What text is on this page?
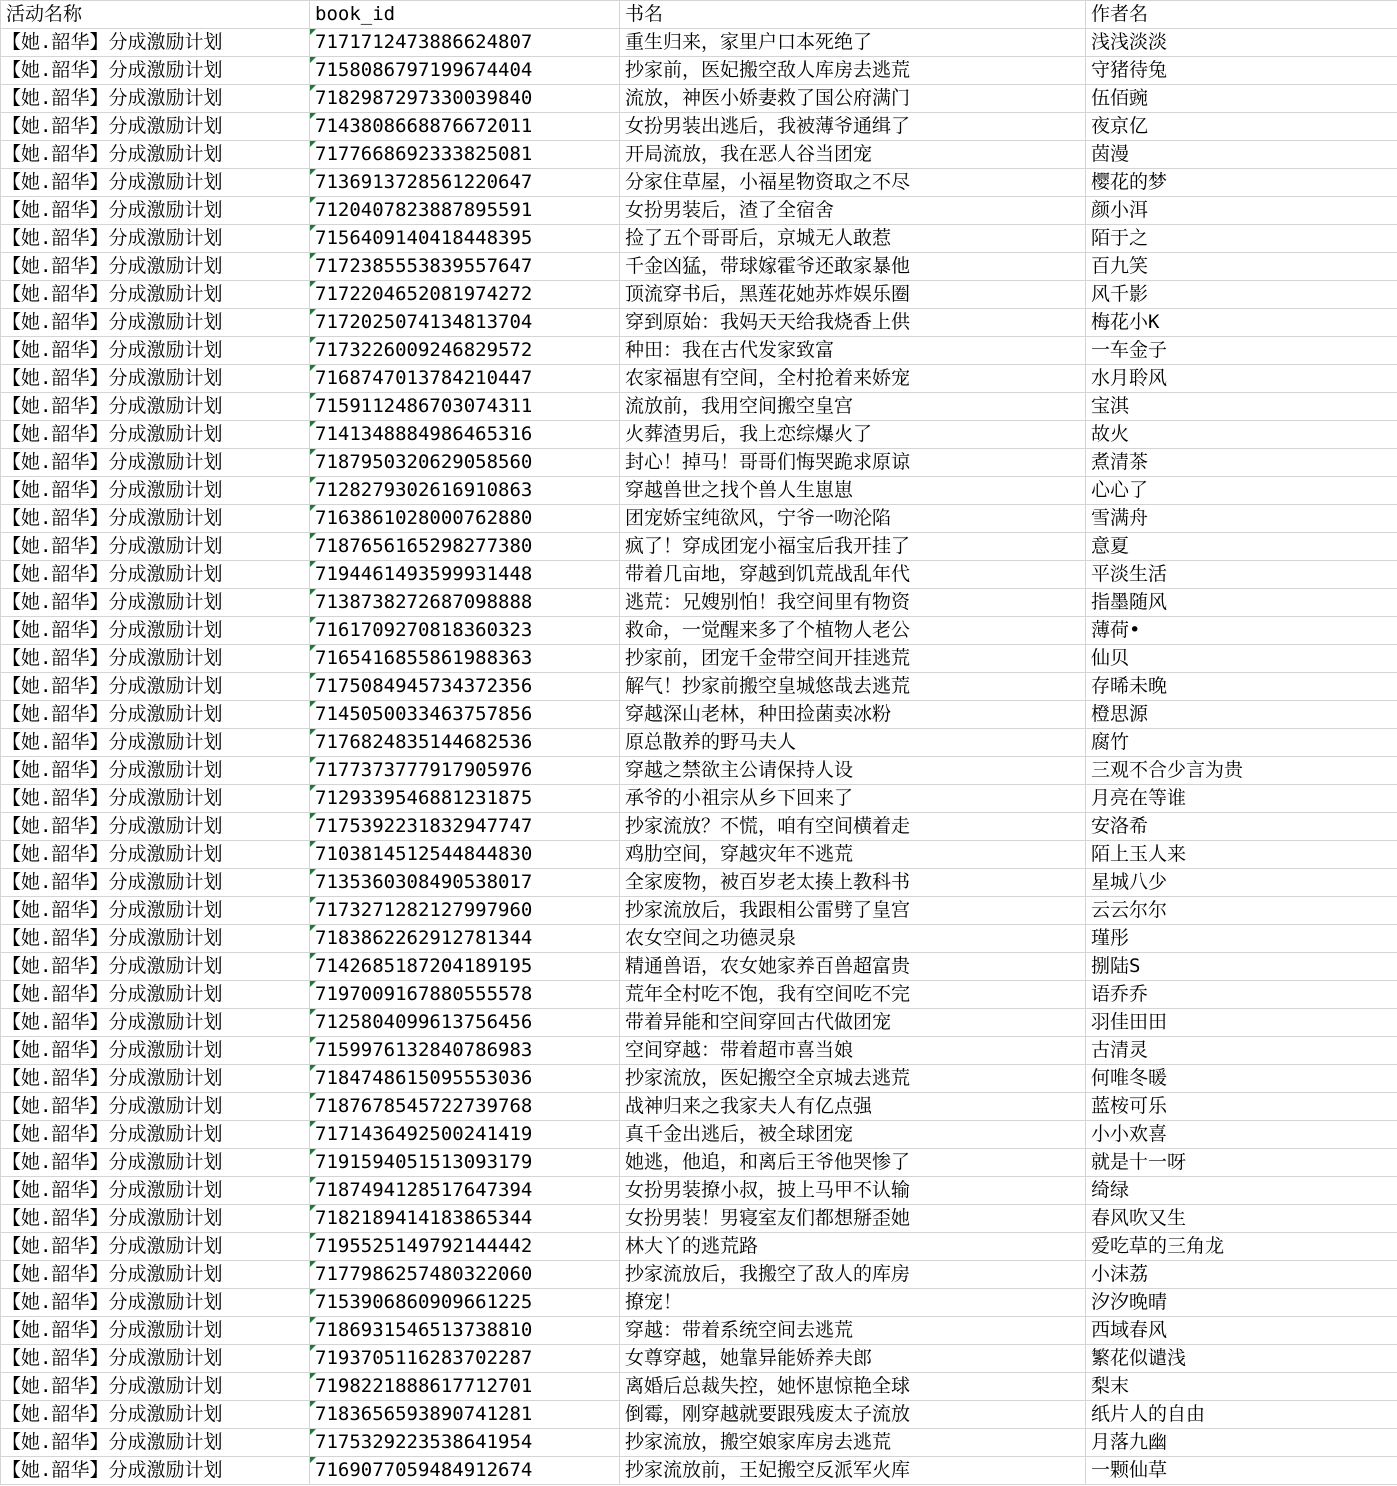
活动名称	book_id	书名	作者名
【她.韶华】分成激励计划	7171712473886624807	重生归来，家里户口本死绝了	浅浅淡淡
【她.韶华】分成激励计划	7158086797199674404	抄家前，医妃搬空敌人库房去逃荒	守猪待兔
【她.韶华】分成激励计划	7182987297330039840	流放，神医小娇妻救了国公府满门	伍佰豌
【她.韶华】分成激励计划	7143808668876672011	女扮男装出逃后，我被薄爷通缉了	夜京亿
【她.韶华】分成激励计划	7177668692333825081	开局流放，我在恶人谷当团宠	茵漫
【她.韶华】分成激励计划	7136913728561220647	分家住草屋，小福星物资取之不尽	樱花的梦
【她.韶华】分成激励计划	7120407823887895591	女扮男装后，渣了全宿舍	颜小洱
【她.韶华】分成激励计划	7156409140418448395	捡了五个哥哥后，京城无人敢惹	陌于之
【她.韶华】分成激励计划	7172385553839557647	千金凶猛，带球嫁霍爷还敢家暴他	百九笑
【她.韶华】分成激励计划	7172204652081974272	顶流穿书后，黑莲花她苏炸娱乐圈	风千影
【她.韶华】分成激励计划	7172025074134813704	穿到原始：我妈天天给我烧香上供	梅花小K
【她.韶华】分成激励计划	7173226009246829572	种田：我在古代发家致富	一车金子
【她.韶华】分成激励计划	7168747013784210447	农家福崽有空间，全村抢着来娇宠	水月聆风
【她.韶华】分成激励计划	7159112486703074311	流放前，我用空间搬空皇宫	宝淇
【她.韶华】分成激励计划	7141348884986465316	火葬渣男后，我上恋综爆火了	故火
【她.韶华】分成激励计划	7187950320629058560	封心！掉马！哥哥们悔哭跪求原谅	煮清茶
【她.韶华】分成激励计划	7128279302616910863	穿越兽世之找个兽人生崽崽	心心了
【她.韶华】分成激励计划	7163861028000762880	团宠娇宝纯欲风，宁爷一吻沦陷	雪满舟
【她.韶华】分成激励计划	7187656165298277380	疯了！穿成团宠小福宝后我开挂了	意夏
【她.韶华】分成激励计划	7194461493599931448	带着几亩地，穿越到饥荒战乱年代	平淡生活
【她.韶华】分成激励计划	7138738272687098888	逃荒：兄嫂别怕！我空间里有物资	指墨随风
【她.韶华】分成激励计划	7161709270818360323	救命，一觉醒来多了个植物人老公	薄荷•
【她.韶华】分成激励计划	7165416855861988363	抄家前，团宠千金带空间开挂逃荒	仙贝
【她.韶华】分成激励计划	7175084945734372356	解气！抄家前搬空皇城悠哉去逃荒	存晞未晚
【她.韶华】分成激励计划	7145050033463757856	穿越深山老林，种田捡菌卖冰粉	橙思源
【她.韶华】分成激励计划	7176824835144682536	原总散养的野马夫人	腐竹
【她.韶华】分成激励计划	7177373777917905976	穿越之禁欲主公请保持人设	三观不合少言为贵
【她.韶华】分成激励计划	7129339546881231875	承爷的小祖宗从乡下回来了	月亮在等谁
【她.韶华】分成激励计划	7175392231832947747	抄家流放？不慌，咱有空间横着走	安洛希
【她.韶华】分成激励计划	7103814512544844830	鸡肋空间，穿越灾年不逃荒	陌上玉人来
【她.韶华】分成激励计划	7135360308490538017	全家废物，被百岁老太揍上教科书	星城八少
【她.韶华】分成激励计划	7173271282127997960	抄家流放后，我跟相公雷劈了皇宫	云云尔尔
【她.韶华】分成激励计划	7183862262912781344	农女空间之功德灵泉	瑾彤
【她.韶华】分成激励计划	7142685187204189195	精通兽语，农女她家养百兽超富贵	捌陆S
【她.韶华】分成激励计划	7197009167880555578	荒年全村吃不饱，我有空间吃不完	语乔乔
【她.韶华】分成激励计划	7125804099613756456	带着异能和空间穿回古代做团宠	羽佳田田
【她.韶华】分成激励计划	7159976132840786983	空间穿越：带着超市喜当娘	古清灵
【她.韶华】分成激励计划	7184748615095553036	抄家流放，医妃搬空全京城去逃荒	何唯冬暖
【她.韶华】分成激励计划	7187678545722739768	战神归来之我家夫人有亿点强	蓝桉可乐
【她.韶华】分成激励计划	7171436492500241419	真千金出逃后，被全球团宠	小小欢喜
【她.韶华】分成激励计划	7191594051513093179	她逃，他追，和离后王爷他哭惨了	就是十一呀
【她.韶华】分成激励计划	7187494128517647394	女扮男装撩小叔，披上马甲不认输	绮绿
【她.韶华】分成激励计划	7182189414183865344	女扮男装！男寝室友们都想掰歪她	春风吹又生
【她.韶华】分成激励计划	7195525149792144442	林大丫的逃荒路	爱吃草的三角龙
【她.韶华】分成激励计划	7177986257480322060	抄家流放后，我搬空了敌人的库房	小沫荔
【她.韶华】分成激励计划	7153906860909661225	撩宠！	汐汐晚晴
【她.韶华】分成激励计划	7186931546513738810	穿越：带着系统空间去逃荒	西域春风
【她.韶华】分成激励计划	7193705116283702287	女尊穿越，她靠异能娇养夫郎	繁花似谴浅
【她.韶华】分成激励计划	7198221888617712701	离婚后总裁失控，她怀崽惊艳全球	梨末
【她.韶华】分成激励计划	7183656593890741281	倒霉，刚穿越就要跟残废太子流放	纸片人的自由
【她.韶华】分成激励计划	7175329223538641954	抄家流放，搬空娘家库房去逃荒	月落九幽
【她.韶华】分成激励计划	7169077059484912674	抄家流放前，王妃搬空反派军火库	一颗仙草
